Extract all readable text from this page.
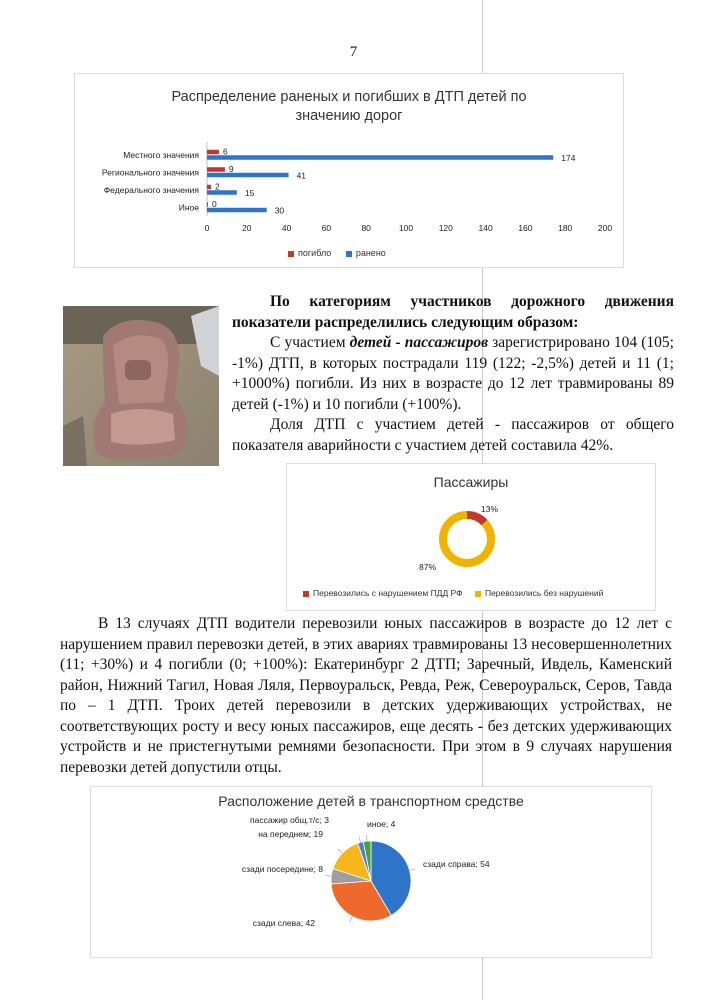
7
Распределение раненых и погибших в ДТП детей по
значению дорог
Местного значения	6
174
Регионального значения	9
41
Федерального значения 2
15
Иное 0
30
0	20	40	60	80	100	120	140	160	180	200
погибло	ранено

По категориям участников дорожного движения показатели распределились следующим образом:

С участием детей - пассажиров зарегистрировано 104 (105; -1%) ДТП, в которых пострадали 119 (122; -2,5%) детей и 11 (1; +1000%) погибли. Из них в возрасте до 12 лет травмированы 89 детей (-1%) и 10 погибли (+100%).

Доля ДТП с участием детей - пассажиров от общего показателя аварийности с участием детей составила 42%.

Пассажиры
13%
87%
Перевозились с нарушением ПДД РФ	Перевозились без нарушений

В 13 случаях ДТП водители перевозили юных пассажиров в возрасте до 12 лет с нарушением правил перевозки детей, в этих авариях травмированы 13 несовершеннолетних (11; +30%) и 4 погибли (0; +100%): Екатеринбург 2 ДТП; Заречный, Ивдель, Каменский район, Нижний Тагил, Новая Ляля, Первоуральск, Ревда, Реж, Североуральск, Серов, Тавда по – 1 ДТП. Троих детей перевозили в детских удерживающих устройствах, не соответствующих росту и весу юных пассажиров, еще десять - без детских удерживающих устройств и не пристегнутыми ремнями безопасности. При этом в 9 случаях нарушения перевозки детей допустили отцы.

Расположение детей в транспортном средстве
сзади справа; 54
сзади слева; 42
сзади посередине; 8
на переднем; 19
пассажир общ.т/с; 3	иное; 4
